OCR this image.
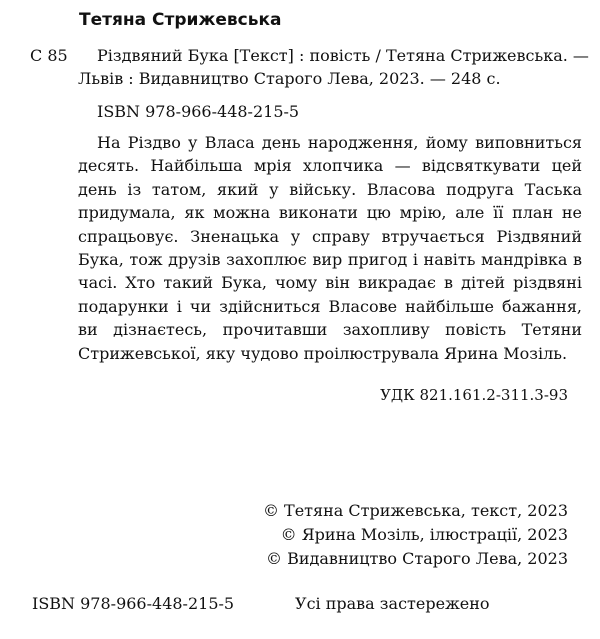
Тетяна Стрижевська
С 85 Різдвяний Бука [Текст] : повість / Тетяна Стрижевська. —
Львів : Видавництво Старого Лева, 2023. — 248 с.
ISBN 978-966-448-215-5
На Різдво у Власа день народження, йому виповниться десять. Найбільша мрія хлопчика — відсвяткувати цей день із татом, який у війську. Власова подруга Таська придумала, як можна виконати цю мрію, але її план не спрацьовує. Зненацька у справу втручається Різдвяний Бука, тож друзів захоплює вир пригод і навіть мандрівка в часі. Хто такий Бука, чому він викрадає в дітей різдвяні подарунки і чи здійсниться Власове найбільше бажання, ви дізнаєтесь, прочитавши захопливу повість Тетяни Стрижевської, яку чудово проілюструвала Ярина Мозіль.
УДК 821.161.2-311.3-93
© Тетяна Стрижевська, текст, 2023
© Ярина Мозіль, ілюстрації, 2023
© Видавництво Старого Лева, 2023
ISBN 978-966-448-215-5	Усі права застережено
